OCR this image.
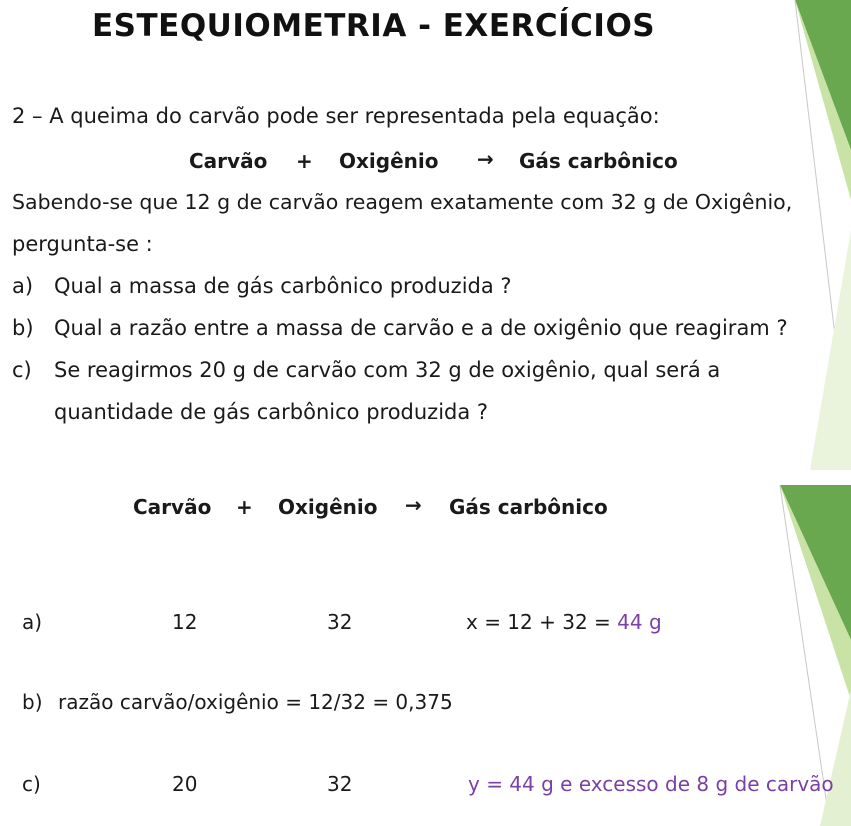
ESTEQUIOMETRIA - EXERCÍCIOS
2 – A queima do carvão pode ser representada pela equação:
Carvão + Oxigênio → Gás carbônico
Sabendo-se que 12 g de carvão reagem exatamente com 32 g de Oxigênio,
pergunta-se :
a) Qual a massa de gás carbônico produzida ?
b) Qual a razão entre a massa de carvão e a de oxigênio que reagiram ?
c) Se reagirmos 20 g de carvão com 32 g de oxigênio, qual será a
quantidade de gás carbônico produzida ?
Carvão + Oxigênio → Gás carbônico
a)	12	32	x = 12 + 32 = 44 g
b) razão carvão/oxigênio = 12/32 = 0,375
c)	20	32	y = 44 g e excesso de 8 g de carvão
